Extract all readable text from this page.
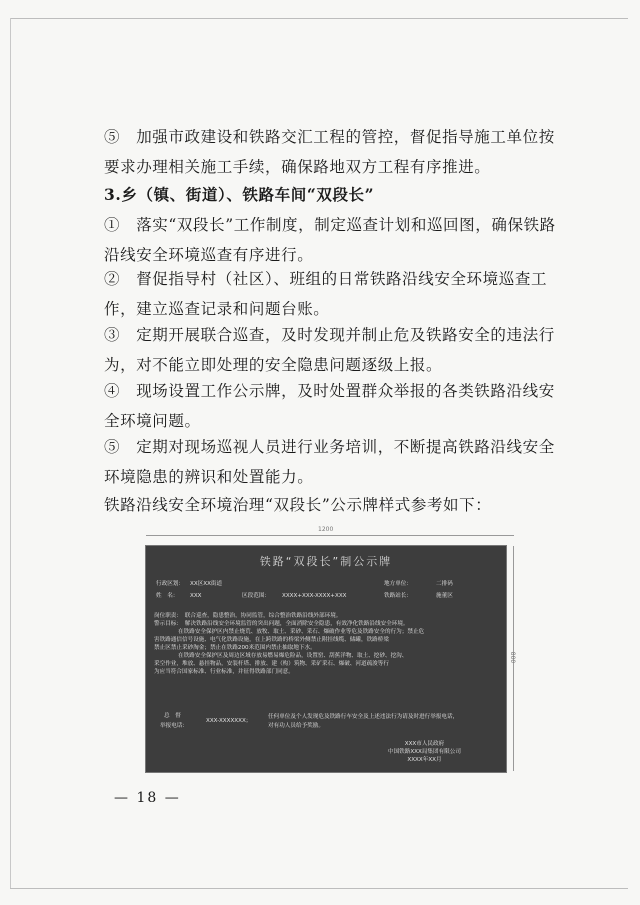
⑤　加强市政建设和铁路交汇工程的管控，督促指导施工单位按要求办理相关施工手续，确保路地双方工程有序推进。
3.乡（镇、街道）、铁路车间“双段长”
①　落实“双段长”工作制度，制定巡查计划和巡回图，确保铁路沿线安全环境巡查有序进行。
②　督促指导村（社区）、班组的日常铁路沿线安全环境巡查工作，建立巡查记录和问题台账。
③　定期开展联合巡查，及时发现并制止危及铁路安全的违法行为，对不能立即处理的安全隐患问题逐级上报。
④　现场设置工作公示牌，及时处置群众举报的各类铁路沿线安全环境问题。
⑤　定期对现场巡视人员进行业务培训，不断提高铁路沿线安全环境隐患的辨识和处置能力。
铁路沿线安全环境治理“双段长”公示牌样式参考如下：
1200
800
铁路“双段长”制公示牌
行政区划： XX区XX街道	地方单位：	二排码
姓　名： XXX	区段范围： XXXX+XXX-XXXX+XXX	铁路站长：	施董区

岗位职责：　联合巡查，隐患整治，协同监管，综合整治铁路沿线外部环境。

警示目标：　解决铁路沿线安全环境监管的突出问题，全面消除安全隐患，有效净化铁路沿线安全环境。

在铁路安全保护区内禁止烧荒、放牧、取土、采砂、采石、爆破作业等危及铁路安全的行为；禁止危

害铁路通信信号设施、电气化铁路设施，在上跨铁路的桥梁外侧禁止附挂线缆、储罐，铁路桥梁

禁止区禁止采砂淘金；禁止在铁路200米范围内禁止抽取地下水。

在铁路安全保护区及周边区域存放易燃易爆危险品，设置窑、刮蕉洋物、取土、挖砂、挖沟、

采空作业，堆放、悬挂物品，安装杆塔、排放、建（构）筑物、采矿采石、爆破、河道疏浚等行

为应当符合国家标准、行业标准，并征得铁路部门同意。

总　督
举报电话：
XXX-XXXXXXX；
任何单位及个人发现危及铁路行车安全及上述违法行为请及时进行举报电话，
对有功人员给予奖励。
XXX市人民政府
中国铁路XXX局集团有限公司
XXXX年XX月
— 18 —
